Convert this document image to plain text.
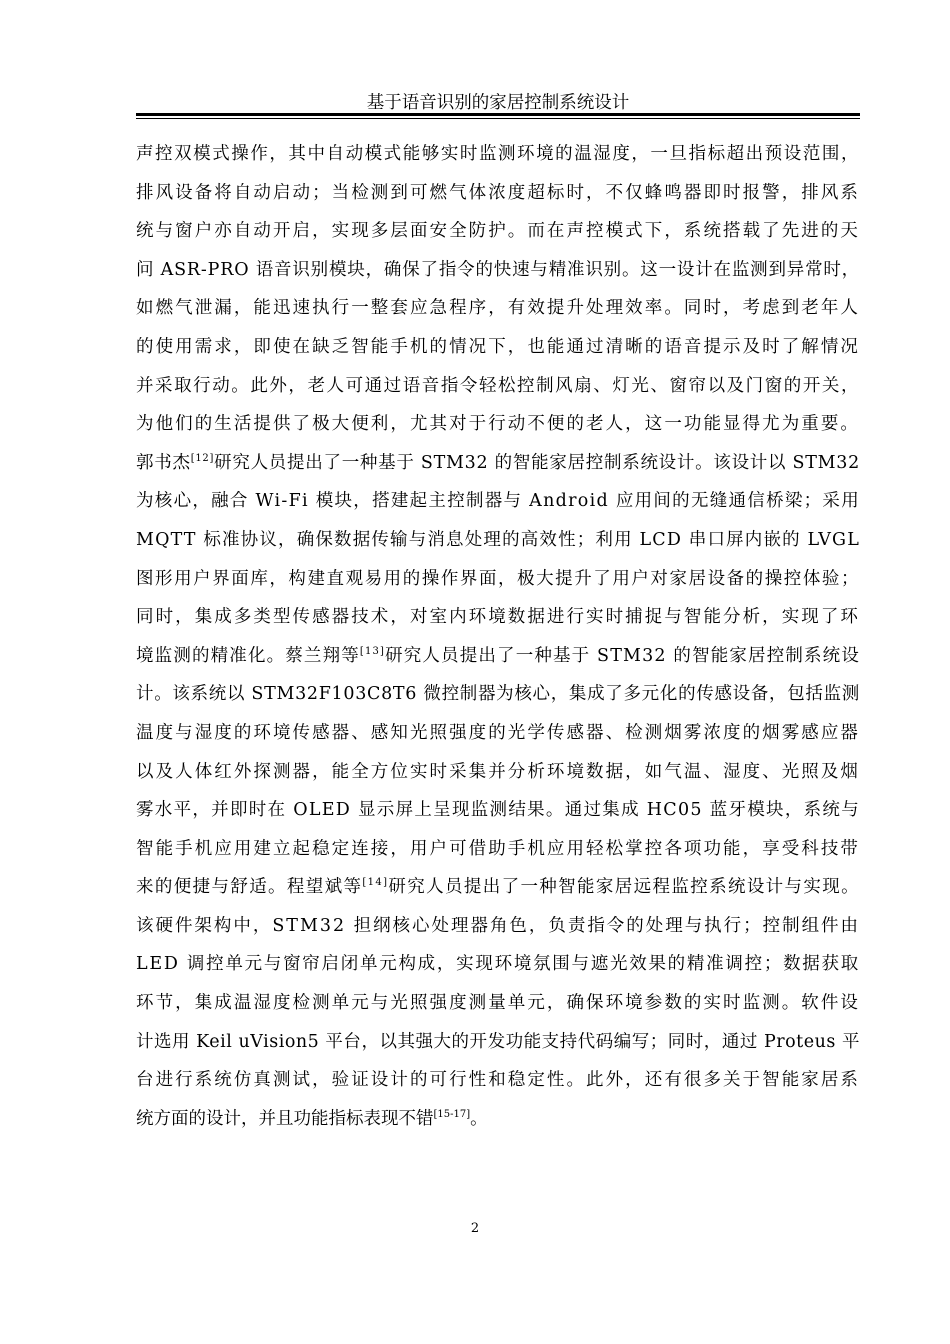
基于语音识别的家居控制系统设计
声控双模式操作，其中自动模式能够实时监测环境的温湿度，一旦指标超出预设范围，
排风设备将自动启动；当检测到可燃气体浓度超标时，不仅蜂鸣器即时报警，排风系
统与窗户亦自动开启，实现多层面安全防护。而在声控模式下，系统搭载了先进的天
问 ASR-PRO 语音识别模块，确保了指令的快速与精准识别。这一设计在监测到异常时，
如燃气泄漏，能迅速执行一整套应急程序，有效提升处理效率。同时，考虑到老年人
的使用需求，即使在缺乏智能手机的情况下，也能通过清晰的语音提示及时了解情况
并采取行动。此外，老人可通过语音指令轻松控制风扇、灯光、窗帘以及门窗的开关，
为他们的生活提供了极大便利，尤其对于行动不便的老人，这一功能显得尤为重要。
郭书杰[12]研究人员提出了一种基于 STM32 的智能家居控制系统设计。该设计以 STM32
为核心，融合 Wi-Fi 模块，搭建起主控制器与 Android 应用间的无缝通信桥梁；采用
MQTT 标准协议，确保数据传输与消息处理的高效性；利用 LCD 串口屏内嵌的 LVGL
图形用户界面库，构建直观易用的操作界面，极大提升了用户对家居设备的操控体验；
同时，集成多类型传感器技术，对室内环境数据进行实时捕捉与智能分析，实现了环
境监测的精准化。蔡兰翔等[13]研究人员提出了一种基于 STM32 的智能家居控制系统设
计。该系统以 STM32F103C8T6 微控制器为核心，集成了多元化的传感设备，包括监测
温度与湿度的环境传感器、感知光照强度的光学传感器、检测烟雾浓度的烟雾感应器
以及人体红外探测器，能全方位实时采集并分析环境数据，如气温、湿度、光照及烟
雾水平，并即时在 OLED 显示屏上呈现监测结果。通过集成 HC05 蓝牙模块，系统与
智能手机应用建立起稳定连接，用户可借助手机应用轻松掌控各项功能，享受科技带
来的便捷与舒适。程望斌等[14]研究人员提出了一种智能家居远程监控系统设计与实现。
该硬件架构中，STM32 担纲核心处理器角色，负责指令的处理与执行；控制组件由
LED 调控单元与窗帘启闭单元构成，实现环境氛围与遮光效果的精准调控；数据获取
环节，集成温湿度检测单元与光照强度测量单元，确保环境参数的实时监测。软件设
计选用 Keil uVision5 平台，以其强大的开发功能支持代码编写；同时，通过 Proteus 平
台进行系统仿真测试，验证设计的可行性和稳定性。此外，还有很多关于智能家居系
统方面的设计，并且功能指标表现不错[15-17]。
2
